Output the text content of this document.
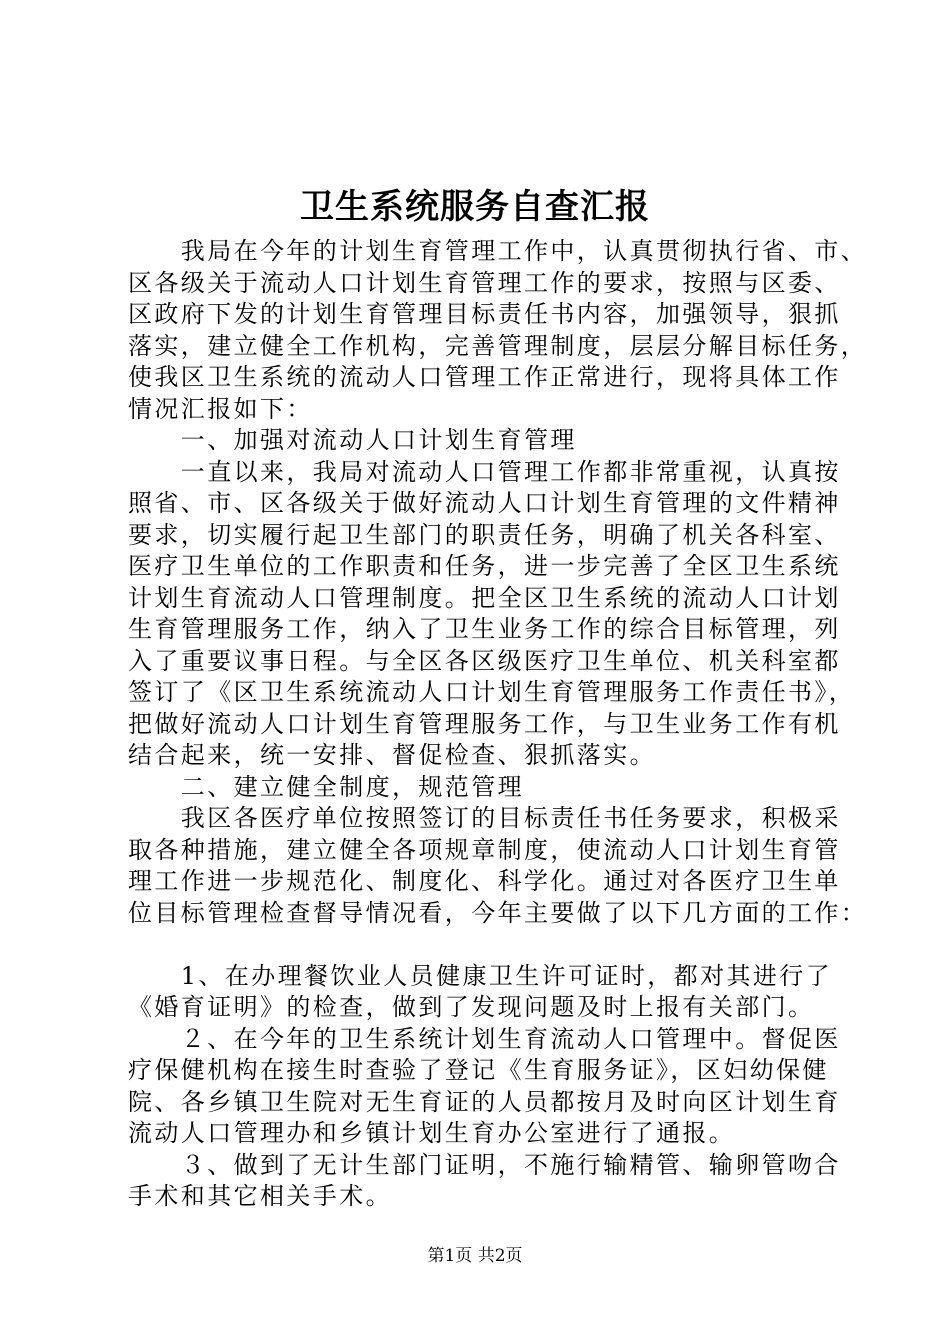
卫生系统服务自查汇报
　　我局在今年的计划生育管理工作中，认真贯彻执行省、市、
区各级关于流动人口计划生育管理工作的要求，按照与区委、
区政府下发的计划生育管理目标责任书内容，加强领导，狠抓
落实，建立健全工作机构，完善管理制度，层层分解目标任务，
使我区卫生系统的流动人口管理工作正常进行，现将具体工作
情况汇报如下：
　　一、加强对流动人口计划生育管理
　　一直以来，我局对流动人口管理工作都非常重视，认真按
照省、市、区各级关于做好流动人口计划生育管理的文件精神
要求，切实履行起卫生部门的职责任务，明确了机关各科室、
医疗卫生单位的工作职责和任务，进一步完善了全区卫生系统
计划生育流动人口管理制度。把全区卫生系统的流动人口计划
生育管理服务工作，纳入了卫生业务工作的综合目标管理，列
入了重要议事日程。与全区各区级医疗卫生单位、机关科室都
签订了《区卫生系统流动人口计划生育管理服务工作责任书》，
把做好流动人口计划生育管理服务工作，与卫生业务工作有机
结合起来，统一安排、督促检查、狠抓落实。
　　二、建立健全制度，规范管理
　　我区各医疗单位按照签订的目标责任书任务要求，积极采
取各种措施，建立健全各项规章制度，使流动人口计划生育管
理工作进一步规范化、制度化、科学化。通过对各医疗卫生单
位目标管理检查督导情况看，今年主要做了以下几方面的工作：
　　1、在办理餐饮业人员健康卫生许可证时，都对其进行了
《婚育证明》的检查，做到了发现问题及时上报有关部门。
　　２、在今年的卫生系统计划生育流动人口管理中。督促医
疗保健机构在接生时查验了登记《生育服务证》，区妇幼保健
院、各乡镇卫生院对无生育证的人员都按月及时向区计划生育
流动人口管理办和乡镇计划生育办公室进行了通报。
　　３、做到了无计生部门证明，不施行输精管、输卵管吻合
手术和其它相关手术。
第1页 共2页
